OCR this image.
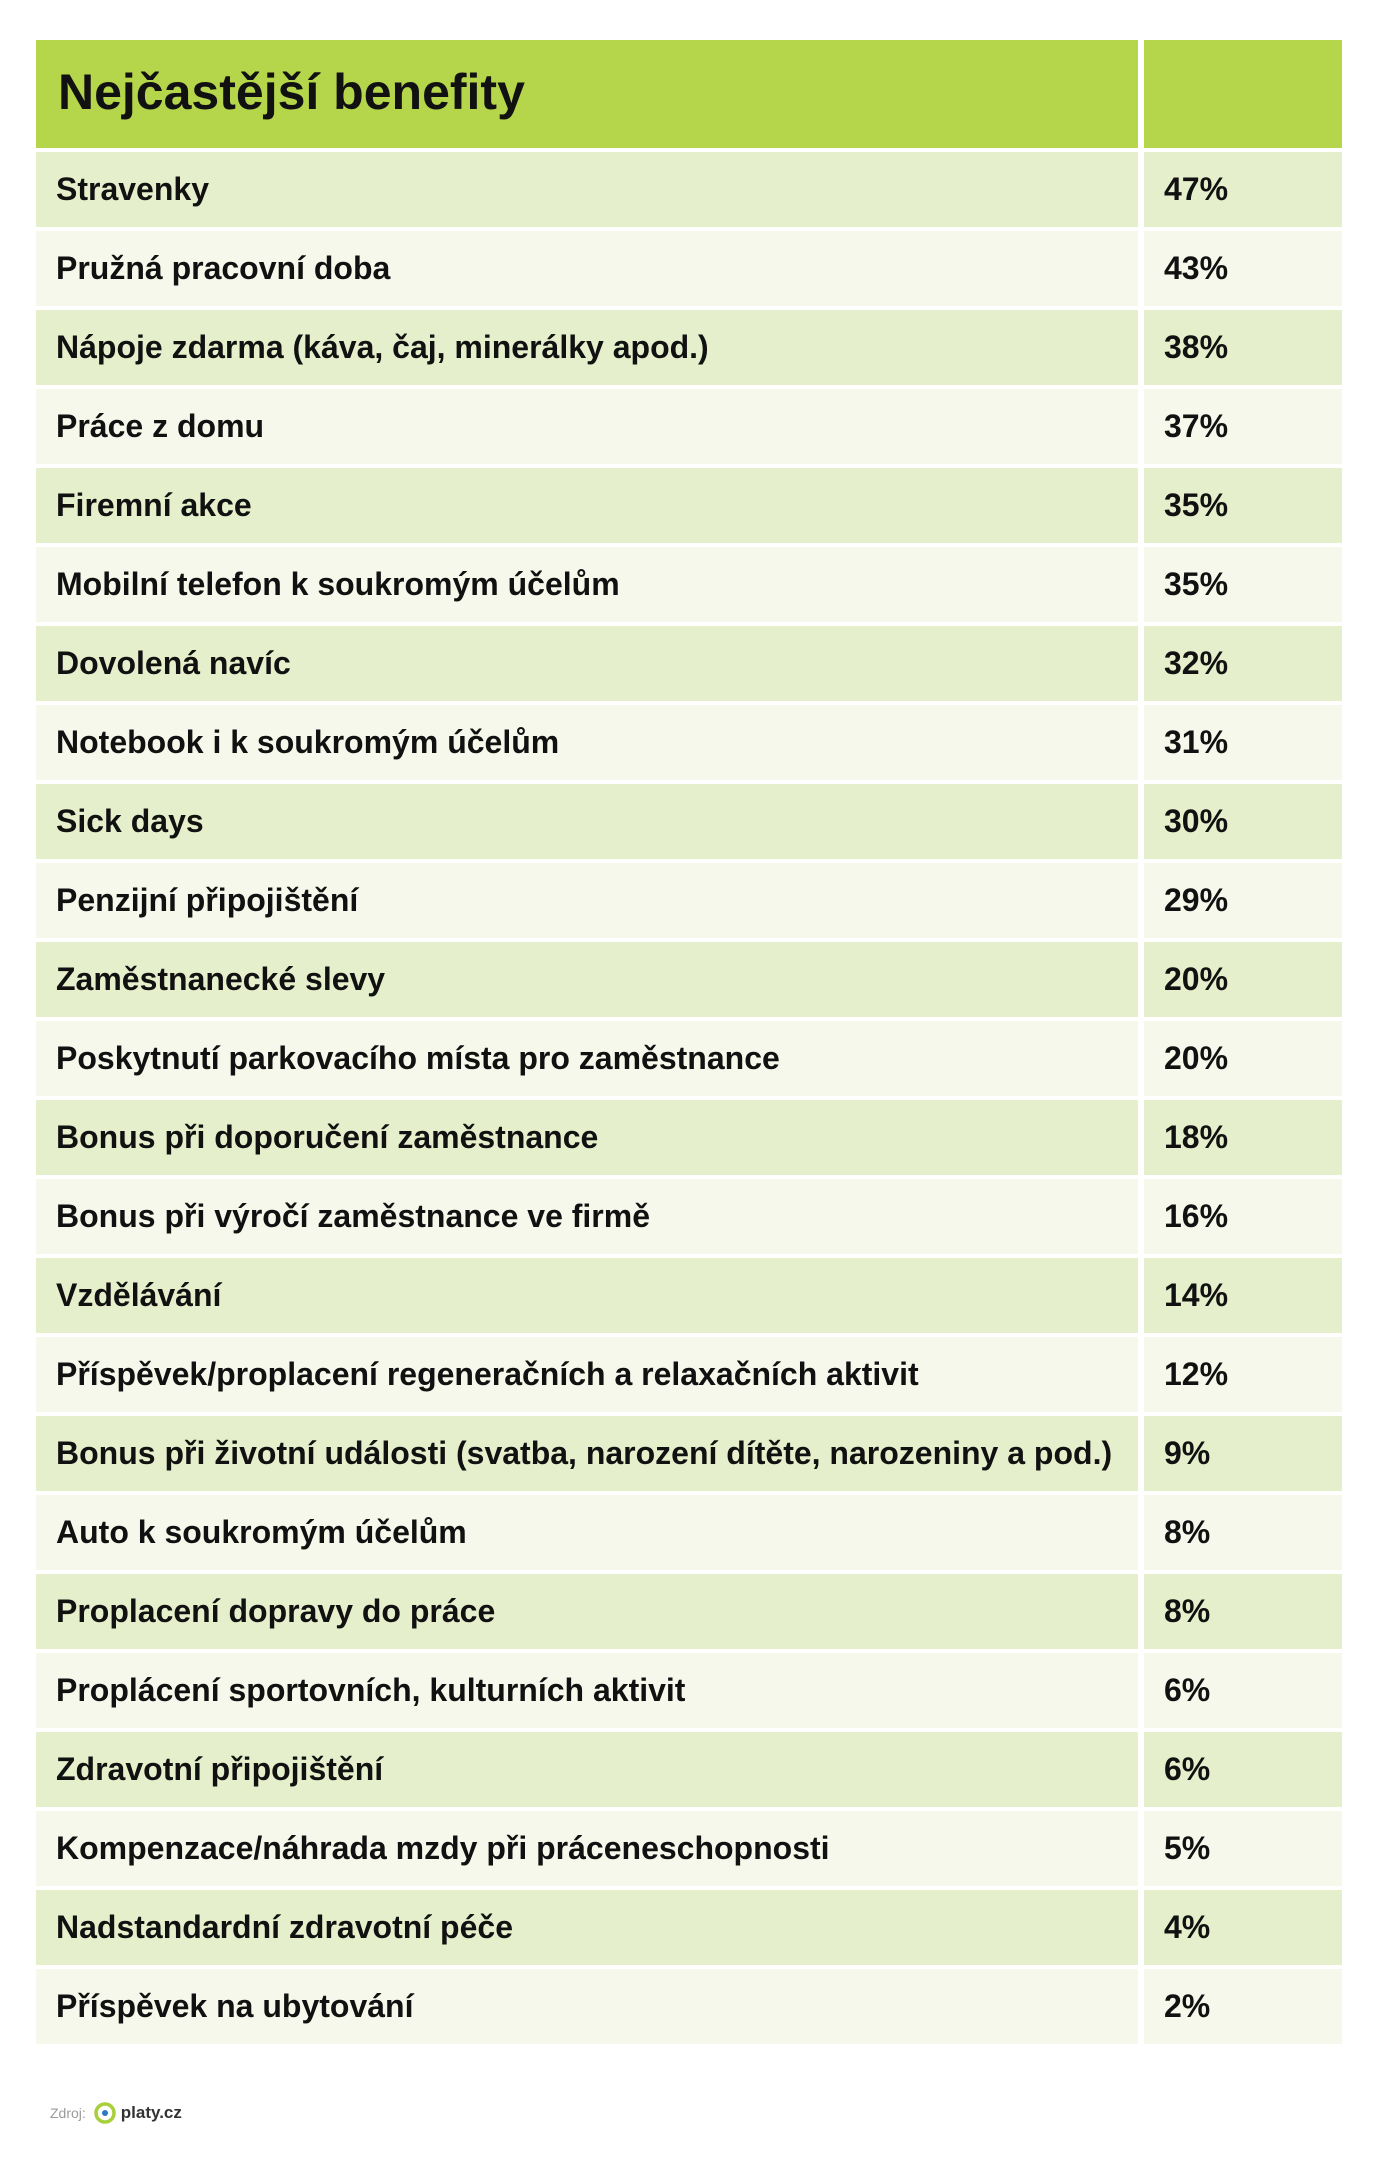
Nejčastější benefity
Stravenky	47%
Pružná pracovní doba	43%
Nápoje zdarma (káva, čaj, minerálky apod.)	38%
Práce z domu	37%
Firemní akce	35%
Mobilní telefon k soukromým účelům	35%
Dovolená navíc	32%
Notebook i k soukromým účelům	31%
Sick days	30%
Penzijní připojištění	29%
Zaměstnanecké slevy	20%
Poskytnutí parkovacího místa pro zaměstnance	20%
Bonus při doporučení zaměstnance	18%
Bonus při výročí zaměstnance ve firmě	16%
Vzdělávání	14%
Příspěvek/proplacení regeneračních a relaxačních aktivit	12%
Bonus při životní události (svatba, narození dítěte, narozeniny a pod.)	9%
Auto k soukromým účelům	8%
Proplacení dopravy do práce	8%
Proplácení sportovních, kulturních aktivit	6%
Zdravotní připojištění	6%
Kompenzace/náhrada mzdy při práceneschopnosti	5%
Nadstandardní zdravotní péče	4%
Příspěvek na ubytování	2%
Zdroj: platy.cz
